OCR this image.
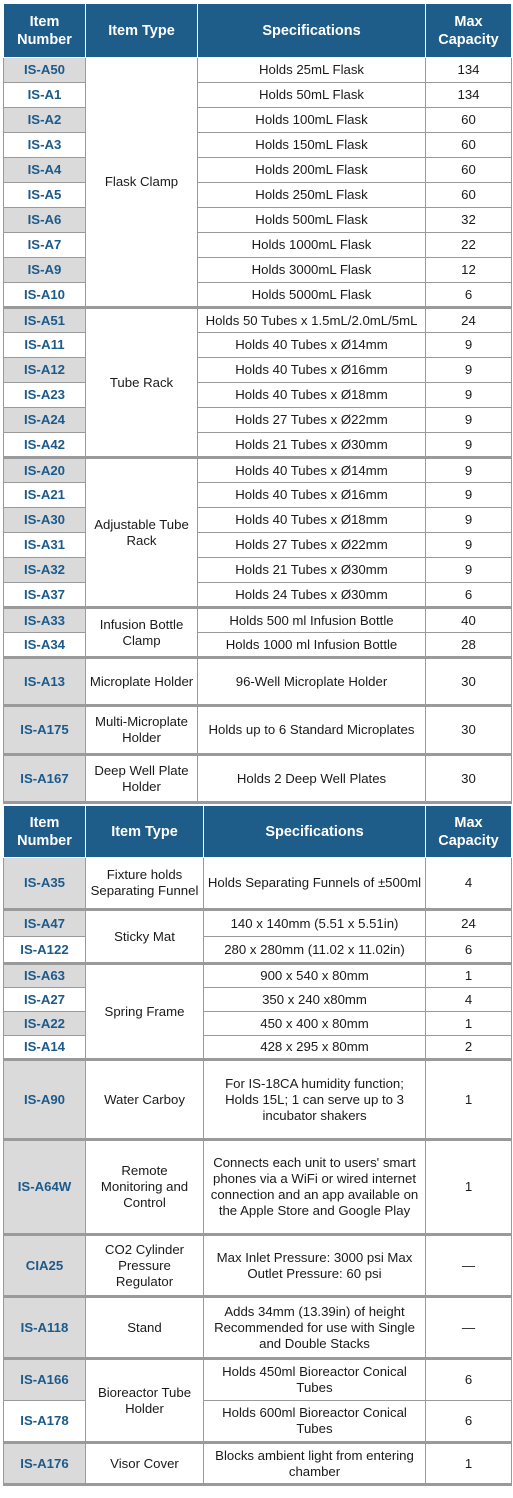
Item Number	Item Type	Specifications	Max Capacity
IS-A50	Flask Clamp	Holds 25mL Flask	134
IS-A1		Holds 50mL Flask	134
IS-A2		Holds 100mL Flask	60
IS-A3		Holds 150mL Flask	60
IS-A4		Holds 200mL Flask	60
IS-A5		Holds 250mL Flask	60
IS-A6		Holds 500mL Flask	32
IS-A7		Holds 1000mL Flask	22
IS-A9		Holds 3000mL Flask	12
IS-A10		Holds 5000mL Flask	6
IS-A51	Tube Rack	Holds 50 Tubes x 1.5mL/2.0mL/5mL	24
IS-A11		Holds 40 Tubes x Ø14mm	9
IS-A12		Holds 40 Tubes x Ø16mm	9
IS-A23		Holds 40 Tubes x Ø18mm	9
IS-A24		Holds 27 Tubes x Ø22mm	9
IS-A42		Holds 21 Tubes x Ø30mm	9
IS-A20	Adjustable Tube Rack	Holds 40 Tubes x Ø14mm	9
IS-A21		Holds 40 Tubes x Ø16mm	9
IS-A30		Holds 40 Tubes x Ø18mm	9
IS-A31		Holds 27 Tubes x Ø22mm	9
IS-A32		Holds 21 Tubes x Ø30mm	9
IS-A37		Holds 24 Tubes x Ø30mm	6
IS-A33	Infusion Bottle Clamp	Holds 500 ml Infusion Bottle	40
IS-A34		Holds 1000 ml Infusion Bottle	28
IS-A13	Microplate Holder	96-Well Microplate Holder	30
IS-A175	Multi-Microplate Holder	Holds up to 6 Standard Microplates	30
IS-A167	Deep Well Plate Holder	Holds 2 Deep Well Plates	30
Item Number	Item Type	Specifications	Max Capacity
IS-A35	Fixture holds Separating Funnel	Holds Separating Funnels of ±500ml	4
IS-A47	Sticky Mat	140 x 140mm (5.51 x 5.51in)	24
IS-A122		280 x 280mm (11.02 x 11.02in)	6
IS-A63	Spring Frame	900 x 540 x 80mm	1
IS-A27		350 x 240 x80mm	4
IS-A22		450 x 400 x 80mm	1
IS-A14		428 x 295 x 80mm	2
IS-A90	Water Carboy	For IS-18CA humidity function; Holds 15L; 1 can serve up to 3 incubator shakers	1
IS-A64W	Remote Monitoring and Control	Connects each unit to users' smart phones via a WiFi or wired internet connection and an app available on the Apple Store and Google Play	1
CIA25	CO2 Cylinder Pressure Regulator	Max Inlet Pressure: 3000 psi Max Outlet Pressure: 60 psi	—
IS-A118	Stand	Adds 34mm (13.39in) of height Recommended for use with Single and Double Stacks	—
IS-A166	Bioreactor Tube Holder	Holds 450ml Bioreactor Conical Tubes	6
IS-A178		Holds 600ml Bioreactor Conical Tubes	6
IS-A176	Visor Cover	Blocks ambient light from entering chamber	1
